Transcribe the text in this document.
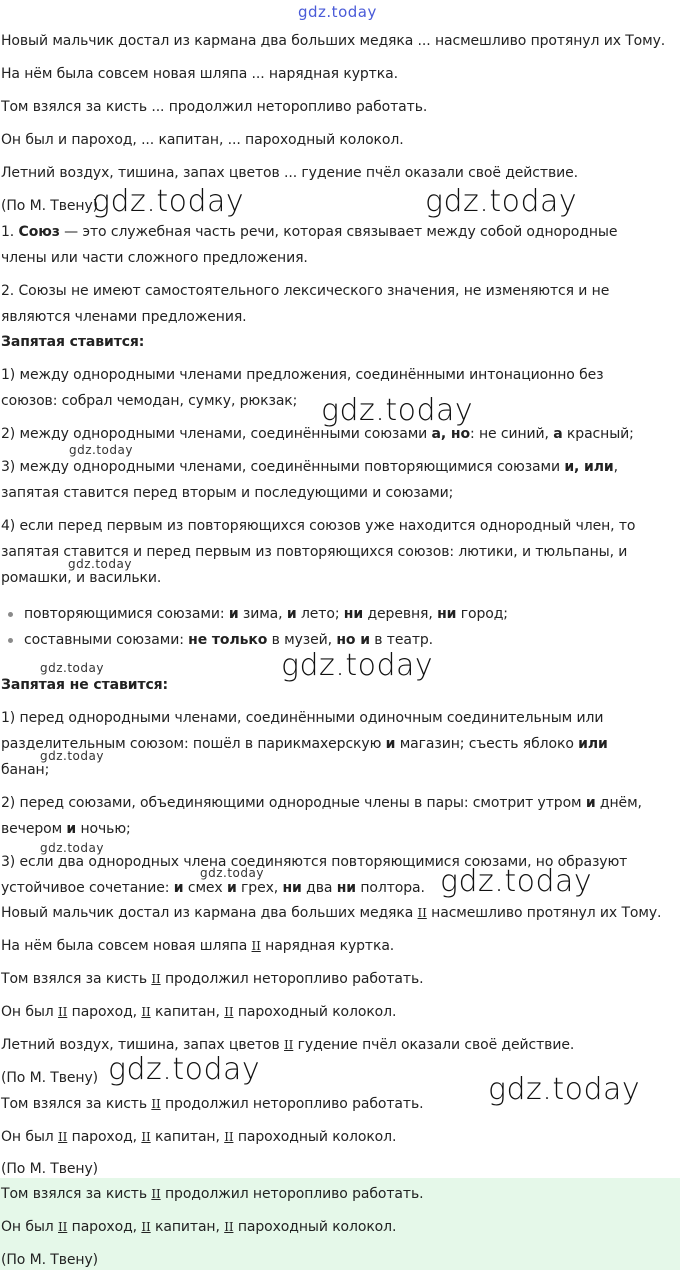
gdz.today
Новый мальчик достал из кармана два больших медяка ... насмешливо протянул их Тому.
На нём была совсем новая шляпа ... нарядная куртка.
Том взялся за кисть ... продолжил неторопливо работать.
Он был и пароход, ... капитан, ... пароходный колокол.
Летний воздух, тишина, запах цветов ... гудение пчёл оказали своё действие.
(По М. Твену)
gdz.today	gdz.today
1. Союз — это служебная часть речи, которая связывает между собой однородные
члены или части сложного предложения.
2. Союзы не имеют самостоятельного лексического значения, не изменяются и не
являются членами предложения.
Запятая ставится:
1) между однородными членами предложения, соединёнными интонационно без
союзов: собрал чемодан, сумку, рюкзак; gdz.today
2) между однородными членами, соединёнными союзами а, но: не синий, а красный;
gdz.today
3) между однородными членами, соединёнными повторяющимися союзами и, или,
запятая ставится перед вторым и последующими и союзами;
4) если перед первым из повторяющихся союзов уже находится однородный член, то
запятая ставится и перед первым из повторяющихся союзов: лютики, и тюльпаны, и
gdz.today
ромашки, и васильки.
повторяющимися союзами: и зима, и лето; ни деревня, ни город;
составными союзами: не только в музей, но и в театр.
gdz.today	gdz.today
Запятая не ставится:
1) перед однородными членами, соединёнными одиночным соединительным или
разделительным союзом: пошёл в парикмахерскую и магазин; съесть яблоко или
gdz.today
банан;
2) перед союзами, объединяющими однородные члены в пары: смотрит утром и днём,
вечером и ночью;
gdz.today
3) если два однородных члена соединяются повторяющимися союзами, но образуют
gdz.today
устойчивое сочетание: и смех и грех, ни два ни полтора. gdz.today
Новый мальчик достал из кармана два больших медяка II насмешливо протянул их Тому.
На нём была совсем новая шляпа II нарядная куртка.
Том взялся за кисть II продолжил неторопливо работать.
Он был II пароход, II капитан, II пароходный колокол.
Летний воздух, тишина, запах цветов II гудение пчёл оказали своё действие.
(По М. Твену) gdz.today
gdz.today
Том взялся за кисть II продолжил неторопливо работать.
Он был II пароход, II капитан, II пароходный колокол.
(По М. Твену)
Том взялся за кисть II продолжил неторопливо работать.
Он был II пароход, II капитан, II пароходный колокол.
(По М. Твену)
